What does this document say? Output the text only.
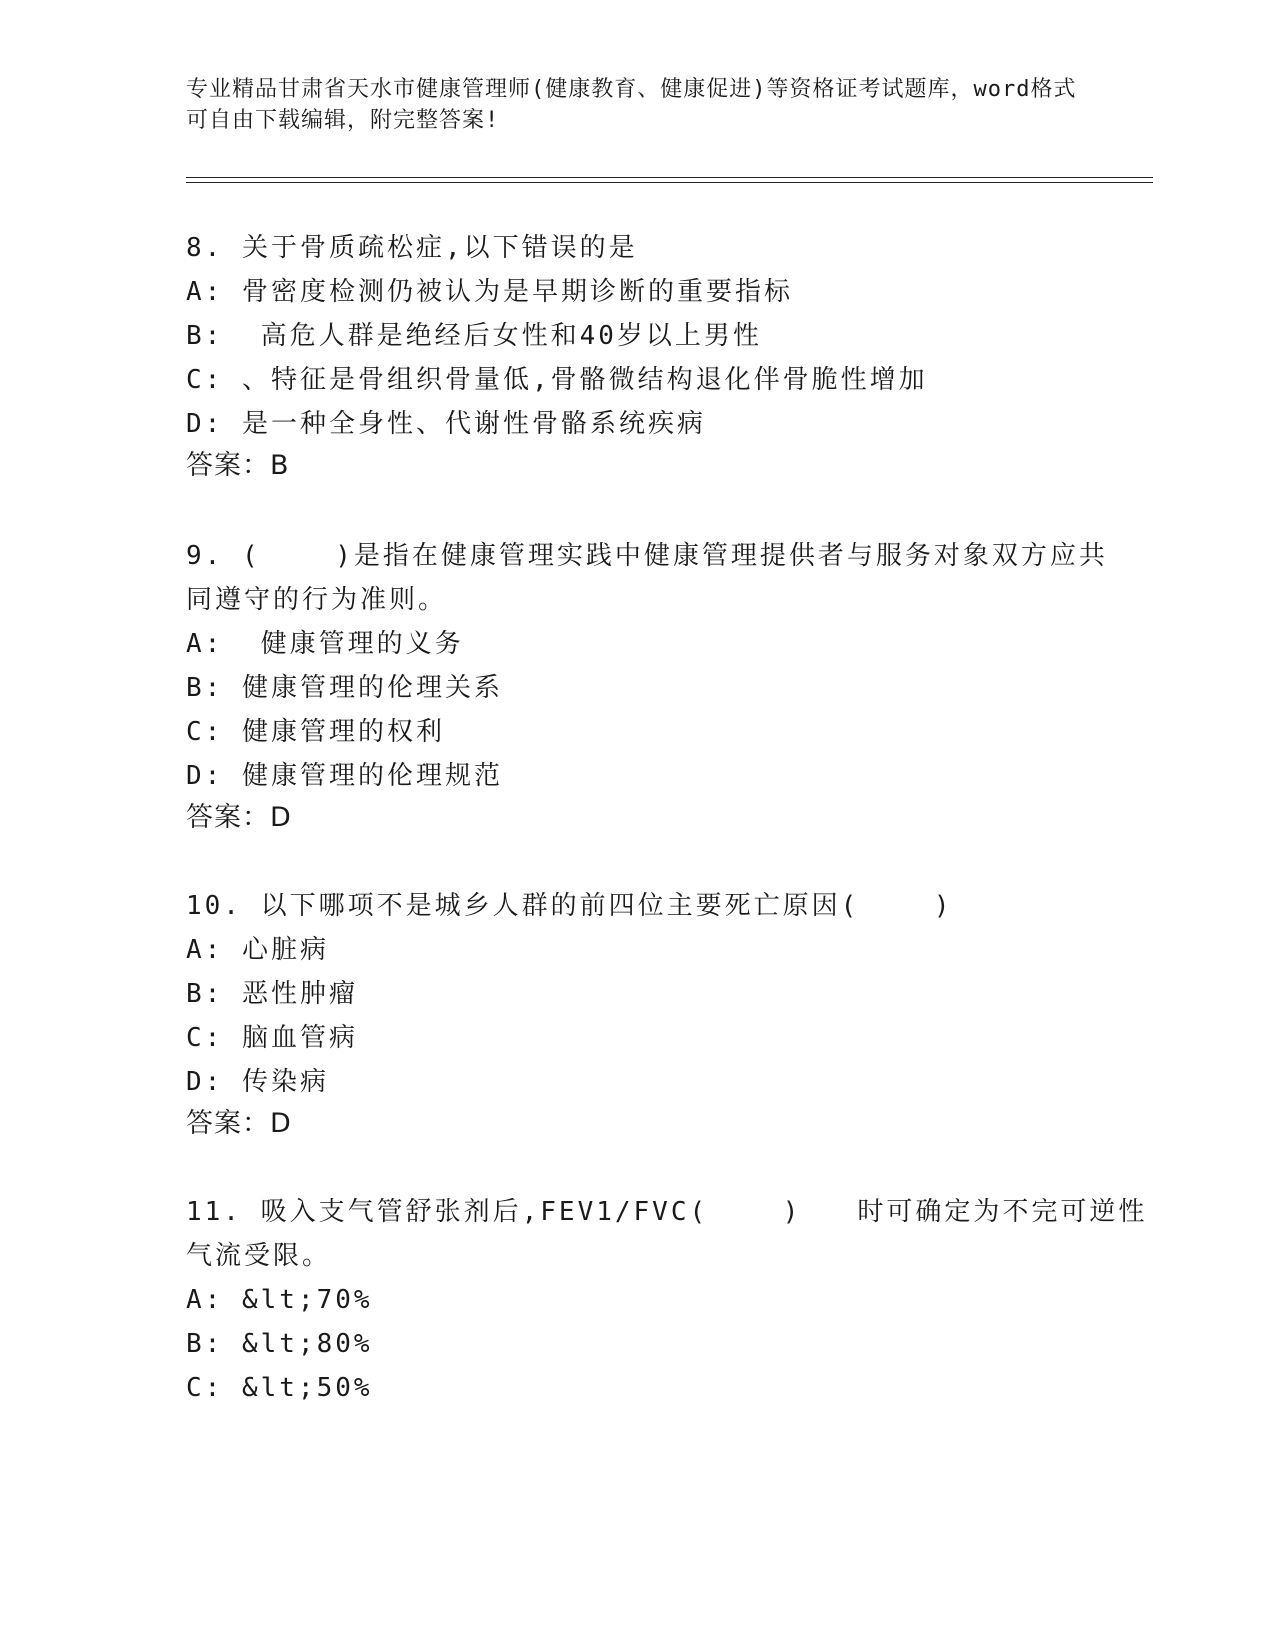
专业精品甘肃省天水市健康管理师(健康教育、健康促进)等资格证考试题库，word格式可自由下载编辑，附完整答案!
8. 关于骨质疏松症,以下错误的是
A: 骨密度检测仍被认为是早期诊断的重要指标
B:  高危人群是绝经后女性和40岁以上男性
C: 、特征是骨组织骨量低,骨骼微结构退化伴骨脆性增加
D: 是一种全身性、代谢性骨骼系统疾病
答案：B
9. (    )是指在健康管理实践中健康管理提供者与服务对象双方应共
同遵守的行为准则。
A:  健康管理的义务
B: 健康管理的伦理关系
C: 健康管理的权利
D: 健康管理的伦理规范
答案：D
10. 以下哪项不是城乡人群的前四位主要死亡原因(    )
A: 心脏病
B: 恶性肿瘤
C: 脑血管病
D: 传染病
答案：D
11. 吸入支气管舒张剂后,FEV1/FVC(    )   时可确定为不完可逆性
气流受限。
A: &lt;70%
B: &lt;80%
C: &lt;50%
